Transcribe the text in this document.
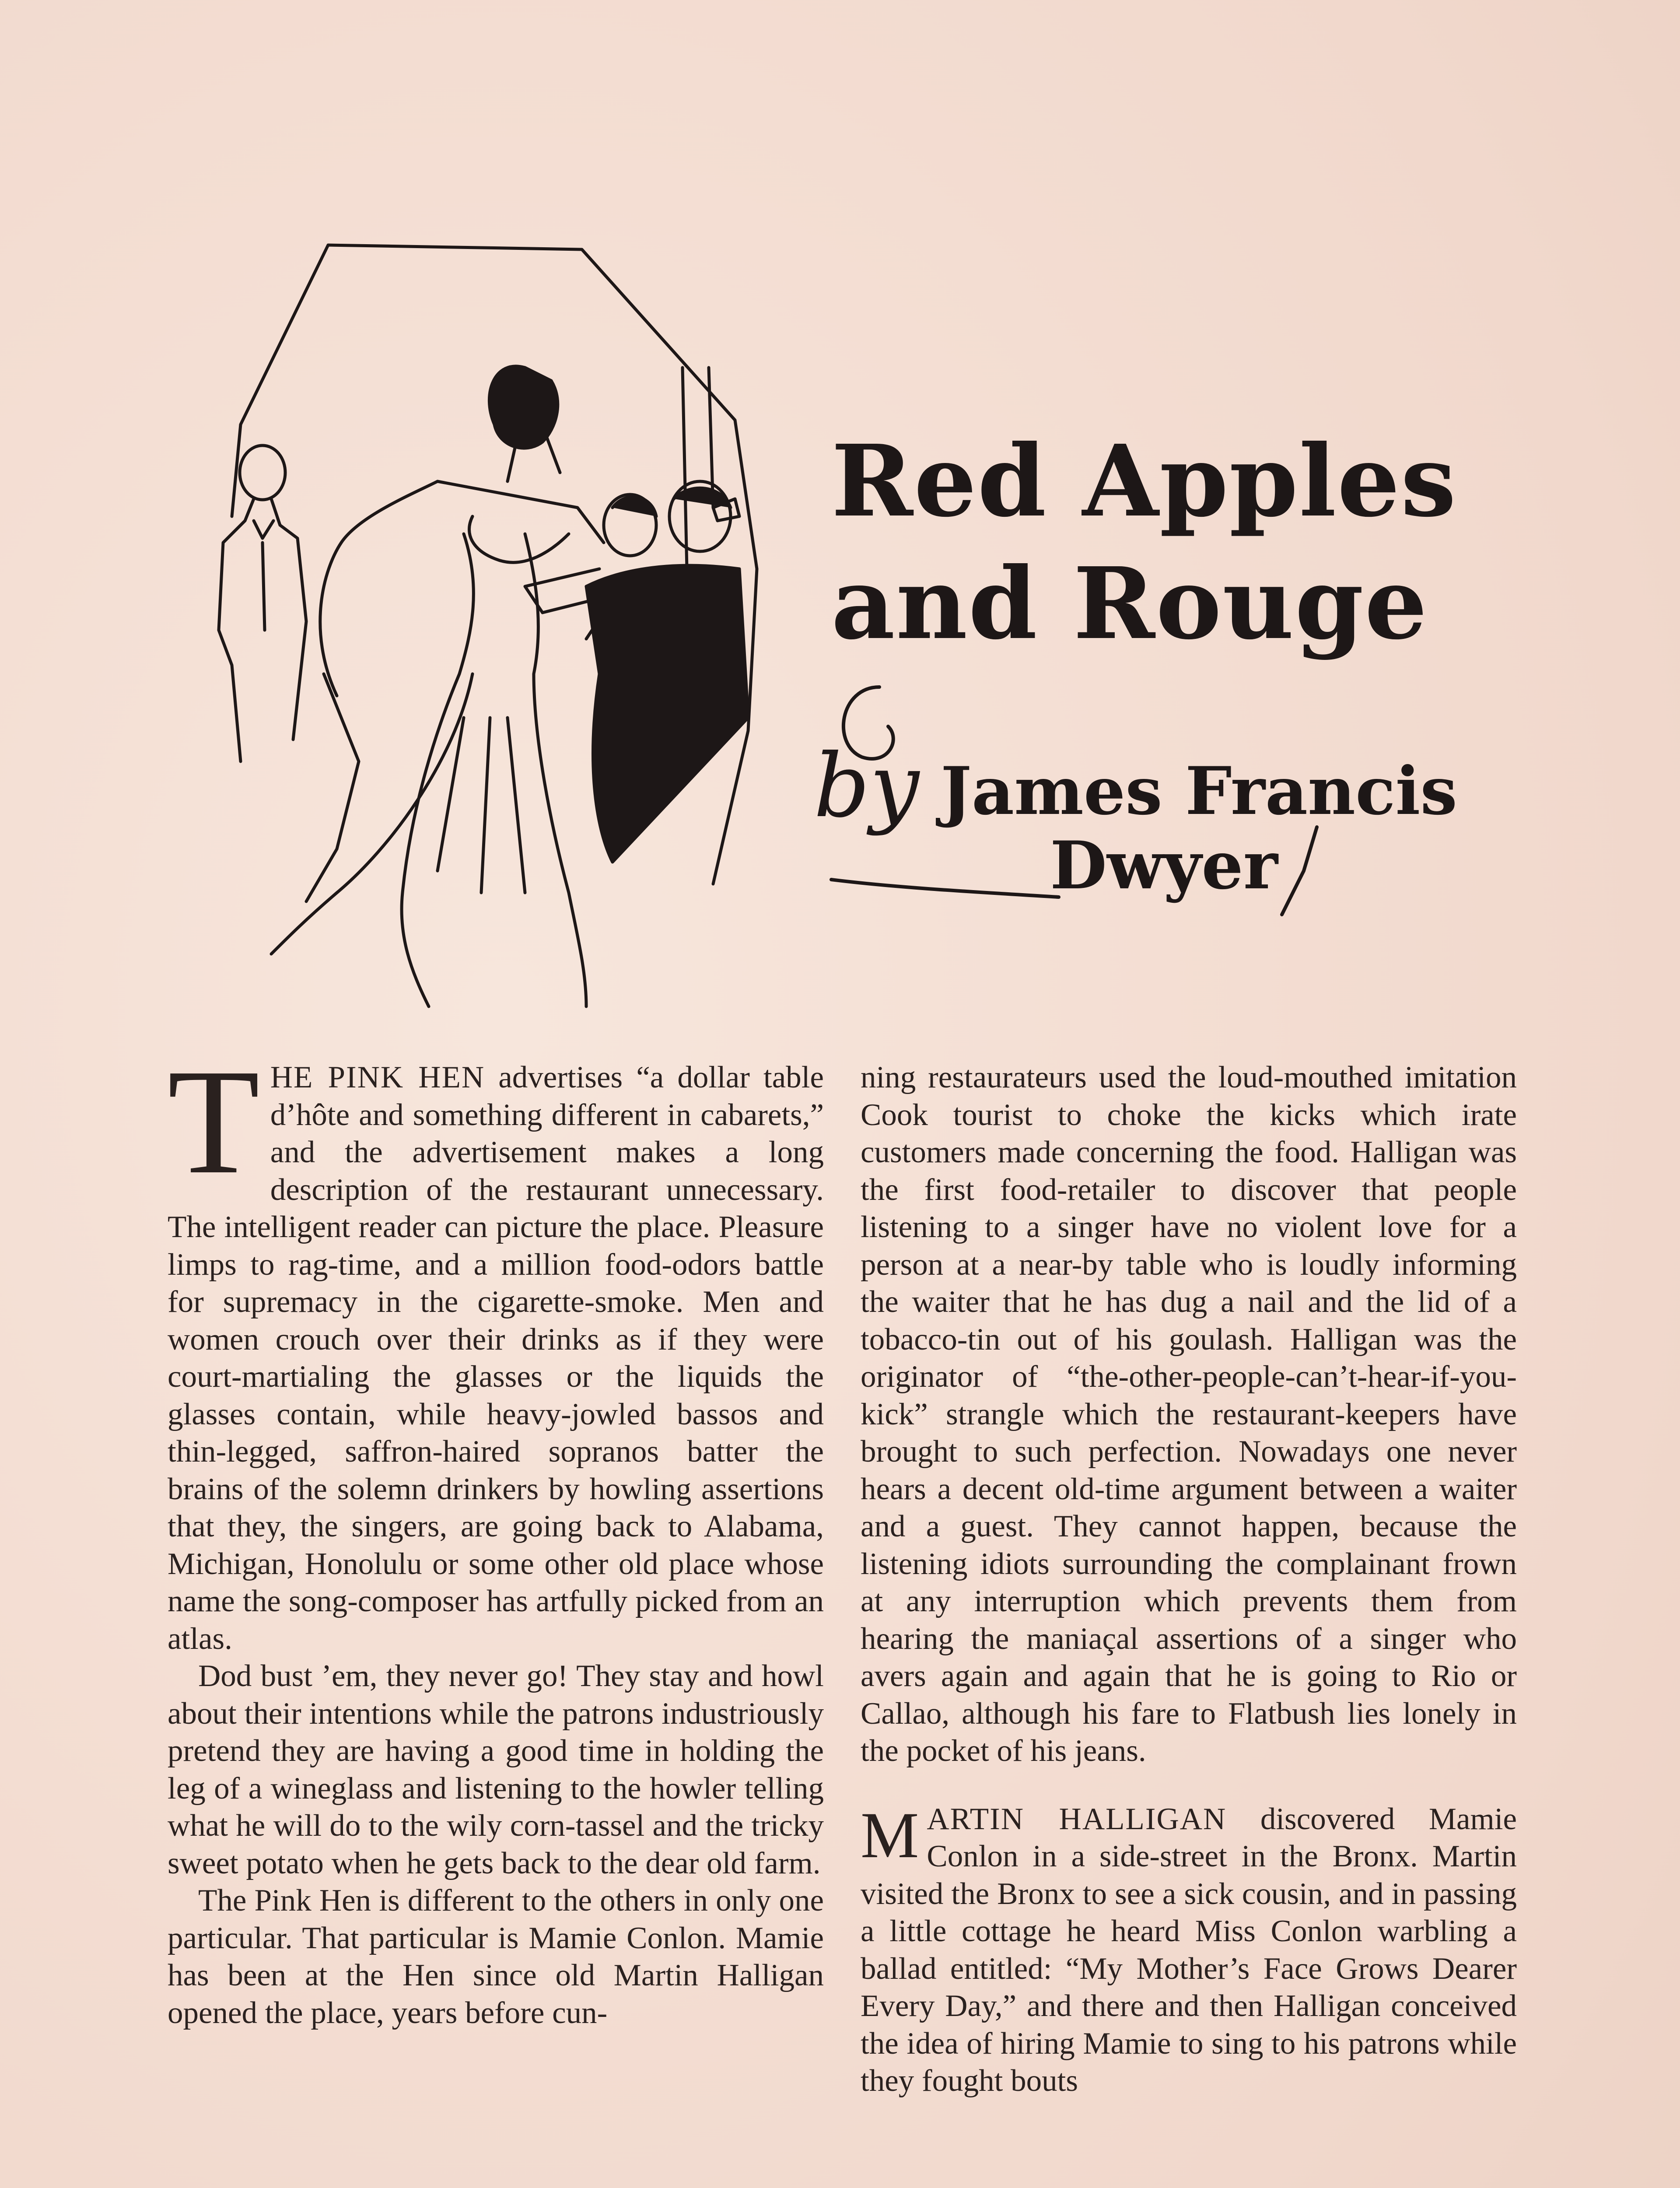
Red Apples
and Rouge
by James Francis
Dwyer

THE PINK HEN advertises “a dollar table d’hôte and something different in cabarets,” and the advertisement makes a long description of the restaurant unnecessary. The intelligent reader can picture the place. Pleasure limps to rag-time, and a million food-odors battle for supremacy in the cigarette-smoke. Men and women crouch over their drinks as if they were court-martialing the glasses or the liquids the glasses contain, while heavy-jowled bassos and thin-legged, saffron-haired sopranos batter the brains of the solemn drinkers by howling assertions that they, the singers, are going back to Alabama, Michigan, Honolulu or some other old place whose name the song-composer has artfully picked from an atlas.

Dod bust ’em, they never go! They stay and howl about their intentions while the patrons industriously pretend they are having a good time in holding the leg of a wineglass and listening to the howler telling what he will do to the wily corn-tassel and the tricky sweet potato when he gets back to the dear old farm.

The Pink Hen is different to the others in only one particular. That particular is Mamie Conlon. Mamie has been at the Hen since old Martin Halligan opened the place, years before cun-

ning restaurateurs used the loud-mouthed imitation Cook tourist to choke the kicks which irate customers made concerning the food. Halligan was the first food-retailer to discover that people listening to a singer have no violent love for a person at a near-by table who is loudly informing the waiter that he has dug a nail and the lid of a tobacco-tin out of his goulash. Halligan was the originator of “the-other-people-can’t-hear-if-you-kick” strangle which the restaurant-keepers have brought to such perfection. Nowadays one never hears a decent old-time argument between a waiter and a guest. They cannot happen, because the listening idiots surrounding the complainant frown at any interruption which prevents them from hearing the maniaçal assertions of a singer who avers again and again that he is going to Rio or Callao, although his fare to Flatbush lies lonely in the pocket of his jeans.

MARTIN HALLIGAN discovered Mamie Conlon in a side-street in the Bronx. Martin visited the Bronx to see a sick cousin, and in passing a little cottage he heard Miss Conlon warbling a ballad entitled: “My Mother’s Face Grows Dearer Every Day,” and there and then Halligan conceived the idea of hiring Mamie to sing to his patrons while they fought bouts
